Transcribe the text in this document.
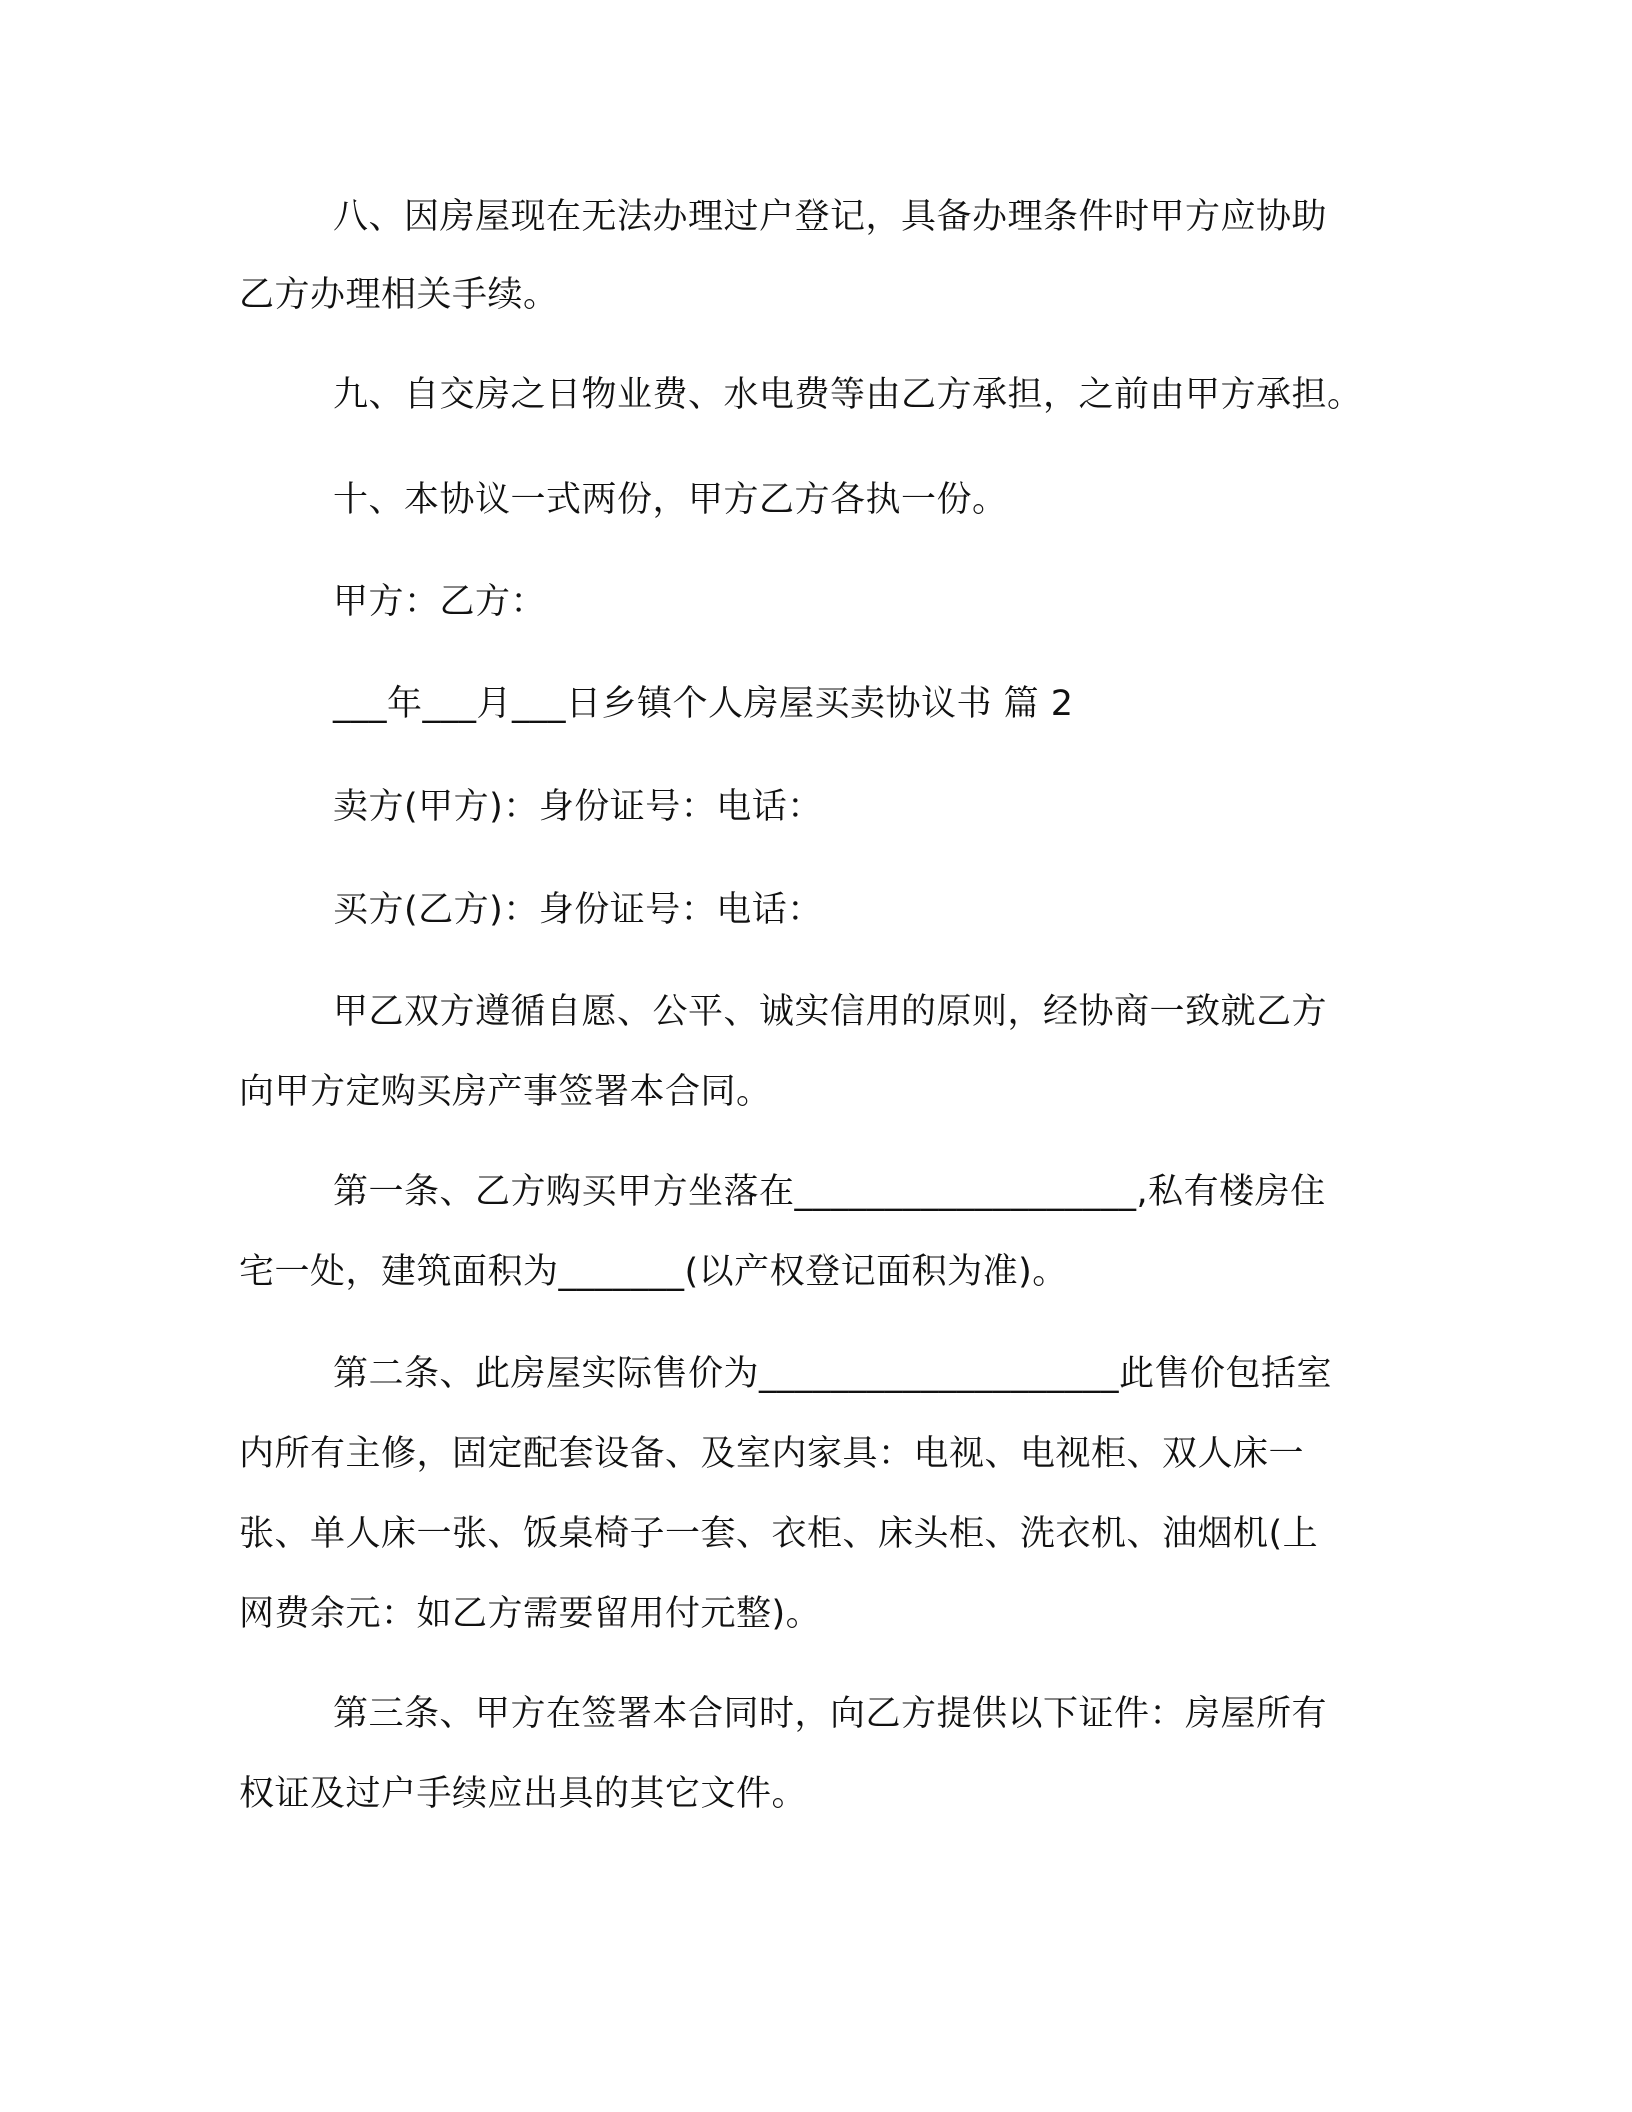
八、因房屋现在无法办理过户登记，具备办理条件时甲方应协助
乙方办理相关手续。
九、自交房之日物业费、水电费等由乙方承担，之前由甲方承担。
十、本协议一式两份，甲方乙方各执一份。
甲方：乙方：
___年___月___日乡镇个人房屋买卖协议书 篇 2
卖方(甲方)：身份证号：电话：
买方(乙方)：身份证号：电话：
甲乙双方遵循自愿、公平、诚实信用的原则，经协商一致就乙方
向甲方定购买房产事签署本合同。
第一条、乙方购买甲方坐落在___________________,私有楼房住
宅一处，建筑面积为_______(以产权登记面积为准)。
第二条、此房屋实际售价为____________________此售价包括室
内所有主修，固定配套设备、及室内家具：电视、电视柜、双人床一
张、单人床一张、饭桌椅子一套、衣柜、床头柜、洗衣机、油烟机(上
网费余元：如乙方需要留用付元整)。
第三条、甲方在签署本合同时，向乙方提供以下证件：房屋所有
权证及过户手续应出具的其它文件。
